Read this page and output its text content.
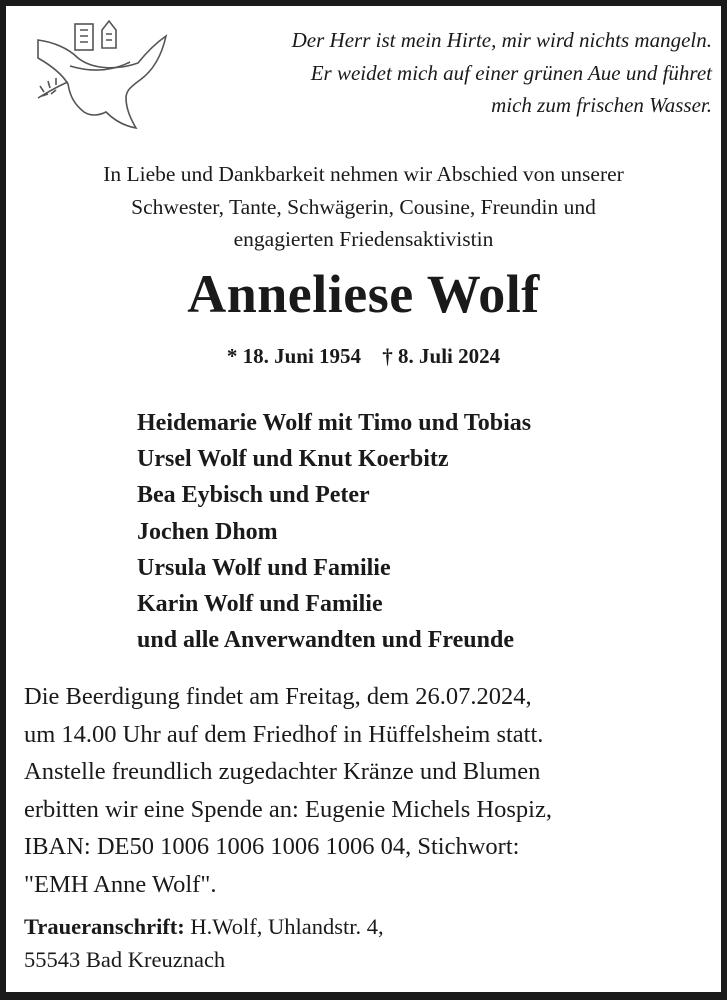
Der Herr ist mein Hirte, mir wird nichts mangeln.
Er weidet mich auf einer grünen Aue und führet
mich zum frischen Wasser.
In Liebe und Dankbarkeit nehmen wir Abschied von unserer
Schwester, Tante, Schwägerin, Cousine, Freundin und
engagierten Friedensaktivistin
Anneliese Wolf
* 18. Juni 1954 † 8. Juli 2024
Heidemarie Wolf mit Timo und Tobias
Ursel Wolf und Knut Koerbitz
Bea Eybisch und Peter
Jochen Dhom
Ursula Wolf und Familie
Karin Wolf und Familie
und alle Anverwandten und Freunde
Die Beerdigung findet am Freitag, dem 26.07.2024,
um 14.00 Uhr auf dem Friedhof in Hüffelsheim statt.
Anstelle freundlich zugedachter Kränze und Blumen
erbitten wir eine Spende an: Eugenie Michels Hospiz,
IBAN: DE50 1006 1006 1006 1006 04, Stichwort:
"EMH Anne Wolf".
Traueranschrift: H.Wolf, Uhlandstr. 4,
55543 Bad Kreuznach
